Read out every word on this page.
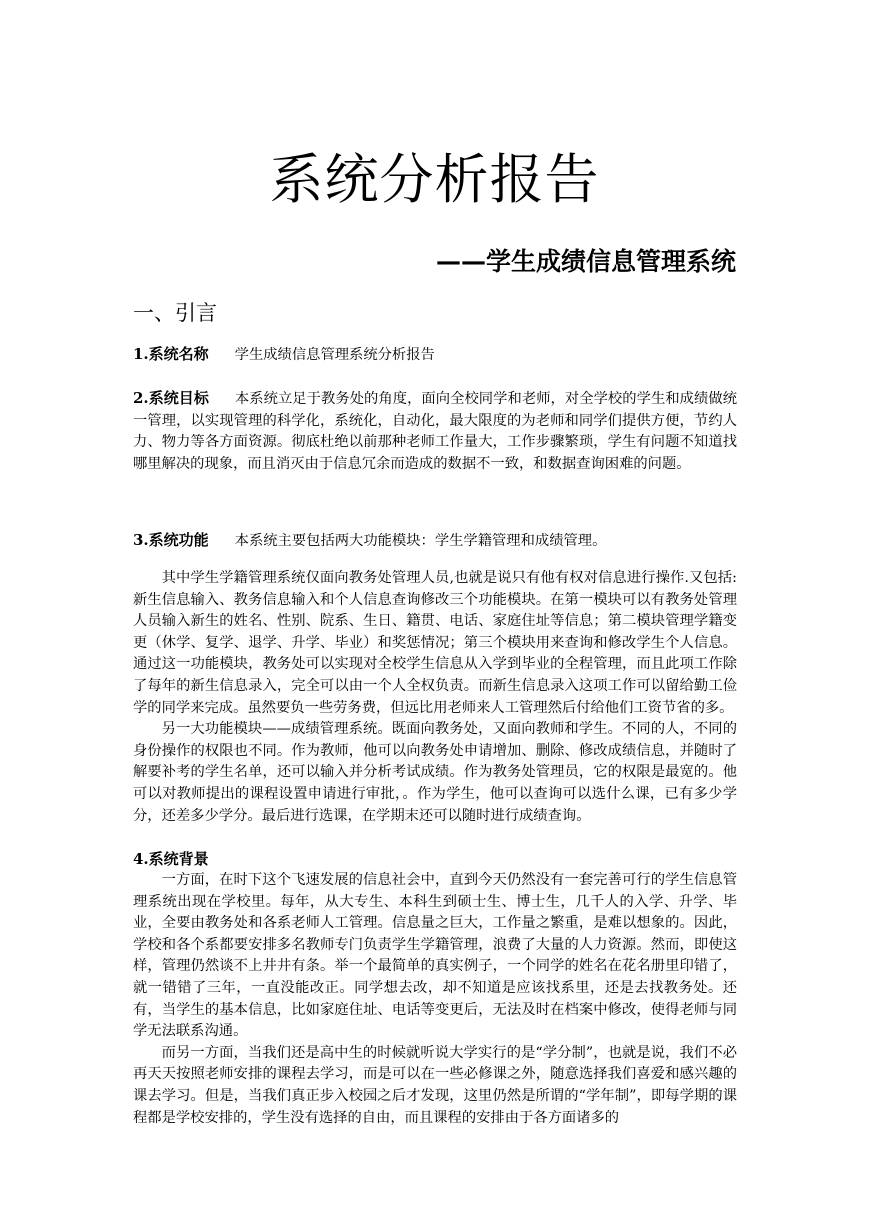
系统分析报告
——学生成绩信息管理系统
一、引言

1.系统名称 学生成绩信息管理系统分析报告

2.系统目标 本系统立足于教务处的角度，面向全校同学和老师，对全学校的学生和成绩做统一管理，以实现管理的科学化，系统化，自动化，最大限度的为老师和同学们提供方便，节约人力、物力等各方面资源。彻底杜绝以前那种老师工作量大，工作步骤繁琐，学生有问题不知道找哪里解决的现象，而且消灭由于信息冗余而造成的数据不一致，和数据查询困难的问题。

3.系统功能 本系统主要包括两大功能模块：学生学籍管理和成绩管理。

其中学生学籍管理系统仅面向教务处管理人员,也就是说只有他有权对信息进行操作.又包括:新生信息输入、教务信息输入和个人信息查询修改三个功能模块。在第一模块可以有教务处管理人员输入新生的姓名、性别、院系、生日、籍贯、电话、家庭住址等信息；第二模块管理学籍变更（休学、复学、退学、升学、毕业）和奖惩情况；第三个模块用来查询和修改学生个人信息。通过这一功能模块，教务处可以实现对全校学生信息从入学到毕业的全程管理，而且此项工作除了每年的新生信息录入，完全可以由一个人全权负责。而新生信息录入这项工作可以留给勤工俭学的同学来完成。虽然要负一些劳务费，但远比用老师来人工管理然后付给他们工资节省的多。

另一大功能模块——成绩管理系统。既面向教务处，又面向教师和学生。不同的人，不同的身份操作的权限也不同。作为教师，他可以向教务处申请增加、删除、修改成绩信息，并随时了解要补考的学生名单，还可以输入并分析考试成绩。作为教务处管理员，它的权限是最宽的。他可以对教师提出的课程设置申请进行审批，。作为学生，他可以查询可以选什么课，已有多少学分，还差多少学分。最后进行选课，在学期末还可以随时进行成绩查询。

4.系统背景

一方面，在时下这个飞速发展的信息社会中，直到今天仍然没有一套完善可行的学生信息管理系统出现在学校里。每年，从大专生、本科生到硕士生、博士生，几千人的入学、升学、毕业，全要由教务处和各系老师人工管理。信息量之巨大，工作量之繁重，是难以想象的。因此，学校和各个系都要安排多名教师专门负责学生学籍管理，浪费了大量的人力资源。然而，即使这样，管理仍然谈不上井井有条。举一个最简单的真实例子，一个同学的姓名在花名册里印错了，就一错错了三年，一直没能改正。同学想去改，却不知道是应该找系里，还是去找教务处。还有，当学生的基本信息，比如家庭住址、电话等变更后，无法及时在档案中修改，使得老师与同学无法联系沟通。

而另一方面，当我们还是高中生的时候就听说大学实行的是“学分制”，也就是说，我们不必再天天按照老师安排的课程去学习，而是可以在一些必修课之外，随意选择我们喜爱和感兴趣的课去学习。但是，当我们真正步入校园之后才发现，这里仍然是所谓的“学年制”，即每学期的课程都是学校安排的，学生没有选择的自由，而且课程的安排由于各方面诸多的
